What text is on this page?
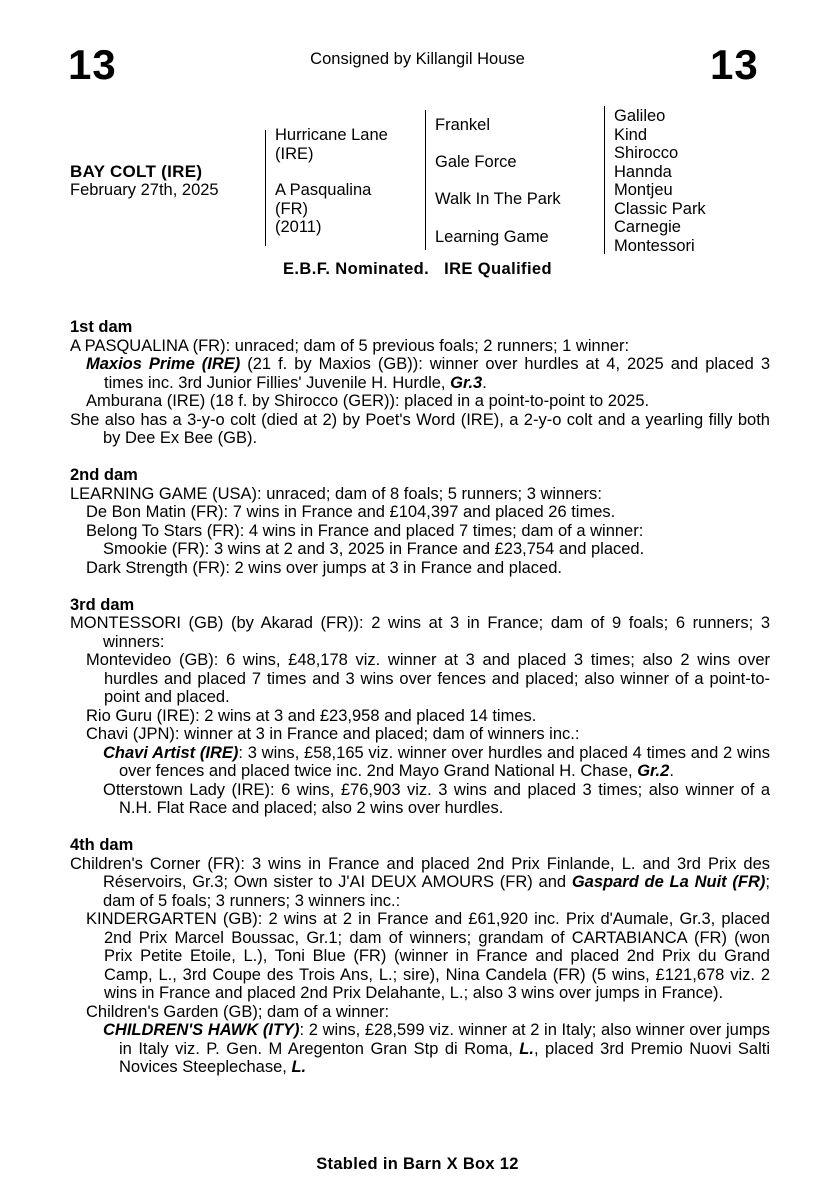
13	Consigned by Killangil House	13
BAY COLT (IRE)
February 27th, 2025
Hurricane Lane
(IRE)
A Pasqualina
(FR)
(2011)
Frankel
Gale Force
Walk In The Park
Learning Game
Galileo
Kind
Shirocco
Hannda
Montjeu
Classic Park
Carnegie
Montessori
E.B.F. Nominated.   IRE Qualified
1st dam
A PASQUALINA (FR): unraced; dam of 5 previous foals; 2 runners; 1 winner:
Maxios Prime (IRE) (21 f. by Maxios (GB)): winner over hurdles at 4, 2025 and placed 3 times inc. 3rd Junior Fillies' Juvenile H. Hurdle, Gr.3.
Amburana (IRE) (18 f. by Shirocco (GER)): placed in a point-to-point to 2025.
She also has a 3-y-o colt (died at 2) by Poet's Word (IRE), a 2-y-o colt and a yearling filly both by Dee Ex Bee (GB).
2nd dam
LEARNING GAME (USA): unraced; dam of 8 foals; 5 runners; 3 winners:
De Bon Matin (FR): 7 wins in France and £104,397 and placed 26 times.
Belong To Stars (FR): 4 wins in France and placed 7 times; dam of a winner:
Smookie (FR): 3 wins at 2 and 3, 2025 in France and £23,754 and placed.
Dark Strength (FR): 2 wins over jumps at 3 in France and placed.
3rd dam
MONTESSORI (GB) (by Akarad (FR)): 2 wins at 3 in France; dam of 9 foals; 6 runners; 3 winners:
Montevideo (GB): 6 wins, £48,178 viz. winner at 3 and placed 3 times; also 2 wins over hurdles and placed 7 times and 3 wins over fences and placed; also winner of a point-to-point and placed.
Rio Guru (IRE): 2 wins at 3 and £23,958 and placed 14 times.
Chavi (JPN): winner at 3 in France and placed; dam of winners inc.:
Chavi Artist (IRE): 3 wins, £58,165 viz. winner over hurdles and placed 4 times and 2 wins over fences and placed twice inc. 2nd Mayo Grand National H. Chase, Gr.2.
Otterstown Lady (IRE): 6 wins, £76,903 viz. 3 wins and placed 3 times; also winner of a N.H. Flat Race and placed; also 2 wins over hurdles.
4th dam
Children's Corner (FR): 3 wins in France and placed 2nd Prix Finlande, L. and 3rd Prix des Réservoirs, Gr.3; Own sister to J'AI DEUX AMOURS (FR) and Gaspard de La Nuit (FR); dam of 5 foals; 3 runners; 3 winners inc.:
KINDERGARTEN (GB): 2 wins at 2 in France and £61,920 inc. Prix d'Aumale, Gr.3, placed 2nd Prix Marcel Boussac, Gr.1; dam of winners; grandam of CARTABIANCA (FR) (won Prix Petite Etoile, L.), Toni Blue (FR) (winner in France and placed 2nd Prix du Grand Camp, L., 3rd Coupe des Trois Ans, L.; sire), Nina Candela (FR) (5 wins, £121,678 viz. 2 wins in France and placed 2nd Prix Delahante, L.; also 3 wins over jumps in France).
Children's Garden (GB); dam of a winner:
CHILDREN'S HAWK (ITY): 2 wins, £28,599 viz. winner at 2 in Italy; also winner over jumps in Italy viz. P. Gen. M Aregenton Gran Stp di Roma, L., placed 3rd Premio Nuovi Salti Novices Steeplechase, L.
Stabled in Barn X Box 12
